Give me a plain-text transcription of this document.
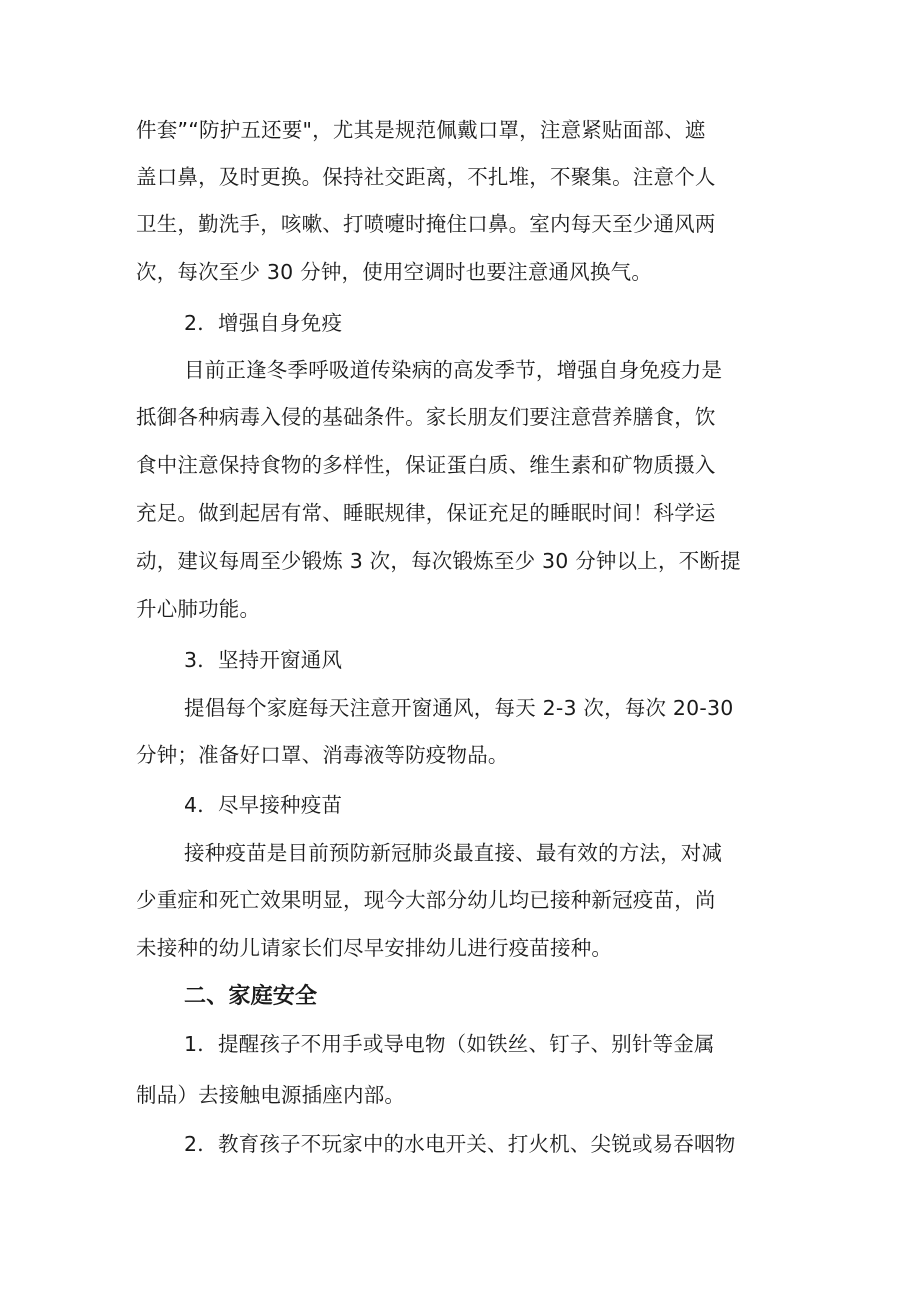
件套”“防护五还要"，尤其是规范佩戴口罩，注意紧贴面部、遮
盖口鼻，及时更换。保持社交距离，不扎堆，不聚集。注意个人
卫生，勤洗手，咳嗽、打喷嚏时掩住口鼻。室内每天至少通风两
次，每次至少 30 分钟，使用空调时也要注意通风换气。
2．增强自身免疫
目前正逢冬季呼吸道传染病的高发季节，增强自身免疫力是
抵御各种病毒入侵的基础条件。家长朋友们要注意营养膳食，饮
食中注意保持食物的多样性，保证蛋白质、维生素和矿物质摄入
充足。做到起居有常、睡眠规律，保证充足的睡眠时间！科学运
动，建议每周至少锻炼 3 次，每次锻炼至少 30 分钟以上，不断提
升心肺功能。
3．坚持开窗通风
提倡每个家庭每天注意开窗通风，每天 2-3 次，每次 20-30
分钟；准备好口罩、消毒液等防疫物品。
4．尽早接种疫苗
接种疫苗是目前预防新冠肺炎最直接、最有效的方法，对减
少重症和死亡效果明显，现今大部分幼儿均已接种新冠疫苗，尚
未接种的幼儿请家长们尽早安排幼儿进行疫苗接种。
二、家庭安全
1．提醒孩子不用手或导电物（如铁丝、钉子、别针等金属
制品）去接触电源插座内部。
2．教育孩子不玩家中的水电开关、打火机、尖锐或易吞咽物
